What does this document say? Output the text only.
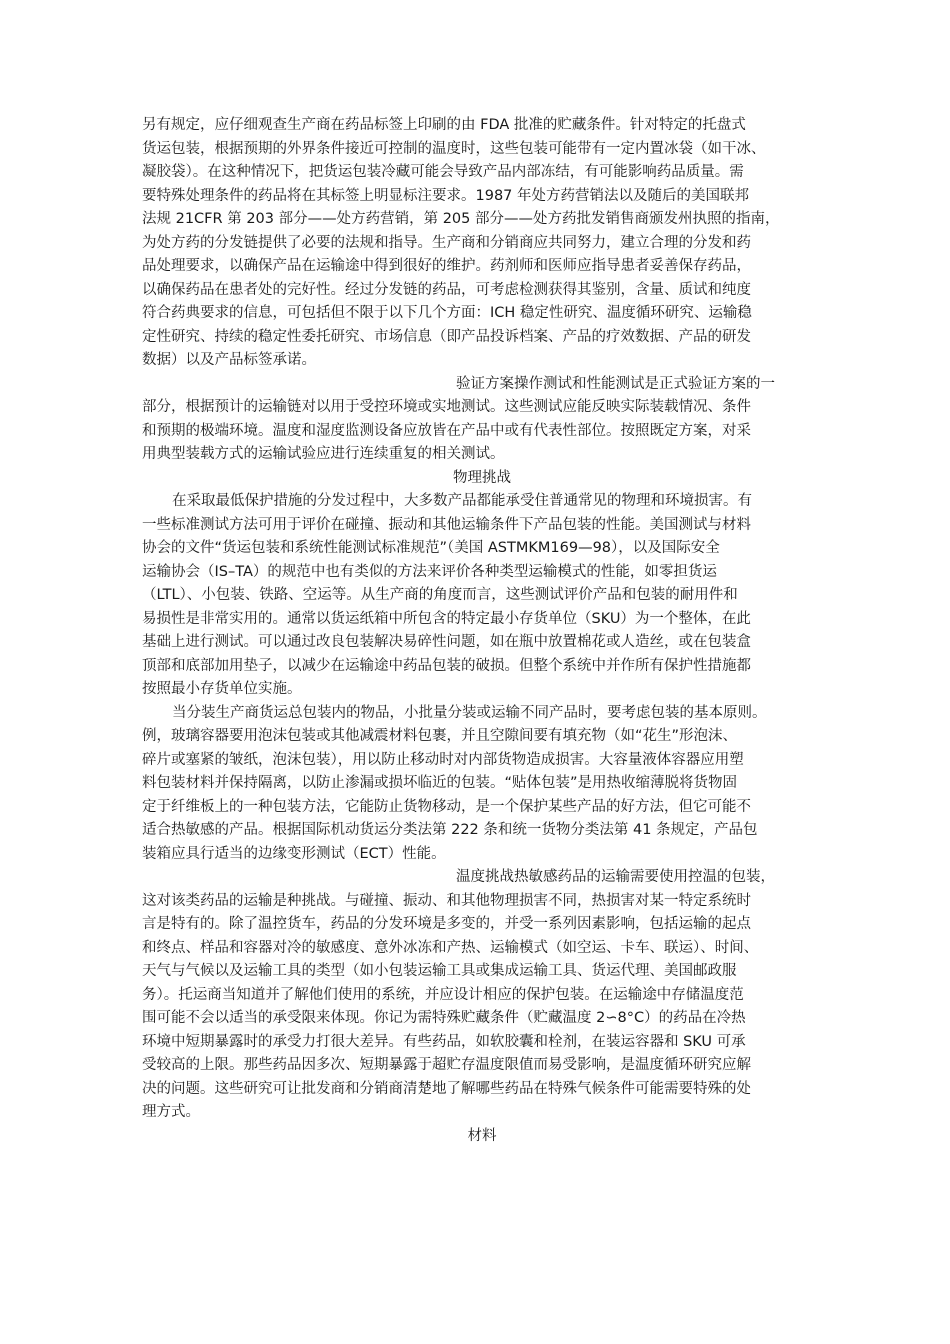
另有规定，应仔细观查生产商在药品标签上印刷的由 FDA 批准的贮藏条件。针对特定的托盘式
货运包装，根据预期的外界条件接近可控制的温度时，这些包装可能带有一定内置冰袋（如干冰、
凝胶袋）。在这种情况下，把货运包装冷藏可能会导致产品内部冻结，有可能影响药品质量。需
要特殊处理条件的药品将在其标签上明显标注要求。1987 年处方药营销法以及随后的美国联邦
法规 21CFR 第 203 部分——处方药营销，第 205 部分——处方药批发销售商颁发州执照的指南，
为处方药的分发链提供了必要的法规和指导。生产商和分销商应共同努力，建立合理的分发和药
品处理要求，以确保产品在运输途中得到很好的维护。药剂师和医师应指导患者妥善保存药品，
以确保药品在患者处的完好性。经过分发链的药品，可考虑检测获得其鉴别，含量、质试和纯度
符合药典要求的信息，可包括但不限于以下几个方面：ICH 稳定性研究、温度循环研究、运输稳
定性研究、持续的稳定性委托研究、市场信息（即产品投诉档案、产品的疗效数据、产品的研发
数据）以及产品标签承诺。
验证方案操作测试和性能测试是正式验证方案的一
部分，根据预计的运输链对以用于受控环境或实地测试。这些测试应能反映实际装载情况、条件
和预期的极端环境。温度和湿度监测设备应放皆在产品中或有代表性部位。按照既定方案，对采
用典型装载方式的运输试验应进行连续重复的相关测试。
物理挑战
在采取最低保护措施的分发过程中，大多数产品都能承受住普通常见的物理和环境损害。有
一些标准测试方法可用于评价在碰撞、振动和其他运输条件下产品包装的性能。美国测试与材料
协会的文件“货运包装和系统性能测试标准规范”（美国 ASTMKM169—98），以及国际安全
运输协会（IS–TA）的规范中也有类似的方法来评价各种类型运输模式的性能，如零担货运
（LTL）、小包装、铁路、空运等。从生产商的角度而言，这些测试评价产品和包装的耐用件和
易损性是非常实用的。通常以货运纸箱中所包含的特定最小存货单位（SKU）为一个整体，在此
基础上进行测试。可以通过改良包装解决易碎性问题，如在瓶中放置棉花或人造丝，或在包装盒
顶部和底部加用垫子，以减少在运输途中药品包装的破损。但整个系统中并作所有保护性措施都
按照最小存货单位实施。
当分装生产商货运总包装内的物品，小批量分装或运输不同产品时，要考虑包装的基本原则。
例，玻璃容器要用泡沫包装或其他减震材料包裹，并且空隙间要有填充物（如“花生”形泡沫、
碎片或塞紧的皱纸，泡沫包装），用以防止移动时对内部货物造成损害。大容量液体容器应用塑
料包装材料并保持隔离，以防止渗漏或损坏临近的包装。“贴体包装”是用热收缩薄脱将货物固
定于纤维板上的一种包装方法，它能防止货物移动，是一个保护某些产品的好方法，但它可能不
适合热敏感的产品。根据国际机动货运分类法第 222 条和统一货物分类法第 41 条规定，产品包
装箱应具行适当的边缘变形测试（ECT）性能。
温度挑战热敏感药品的运输需要使用控温的包装，
这对该类药品的运输是种挑战。与碰撞、振动、和其他物理损害不同，热损害对某一特定系统时
言是特有的。除了温控货车，药品的分发环境是多变的，并受一系列因素影响，包括运输的起点
和终点、样品和容器对冷的敏感度、意外冰冻和产热、运输模式（如空运、卡车、联运）、时间、
天气与气候以及运输工具的类型（如小包装运输工具或集成运输工具、货运代理、美国邮政服
务）。托运商当知道并了解他们使用的系统，并应设计相应的保护包装。在运输途中存储温度范
围可能不会以适当的承受限来体现。你记为需特殊贮藏条件（贮藏温度 2∽8°C）的药品在冷热
环境中短期暴露时的承受力打很大差异。有些药品，如软胶囊和栓剂，在装运容器和 SKU 可承
受较高的上限。那些药品因多次、短期暴露于超贮存温度限值而易受影响，是温度循环研究应解
决的问题。这些研究可让批发商和分销商清楚地了解哪些药品在特殊气候条件可能需要特殊的处
理方式。
材料
